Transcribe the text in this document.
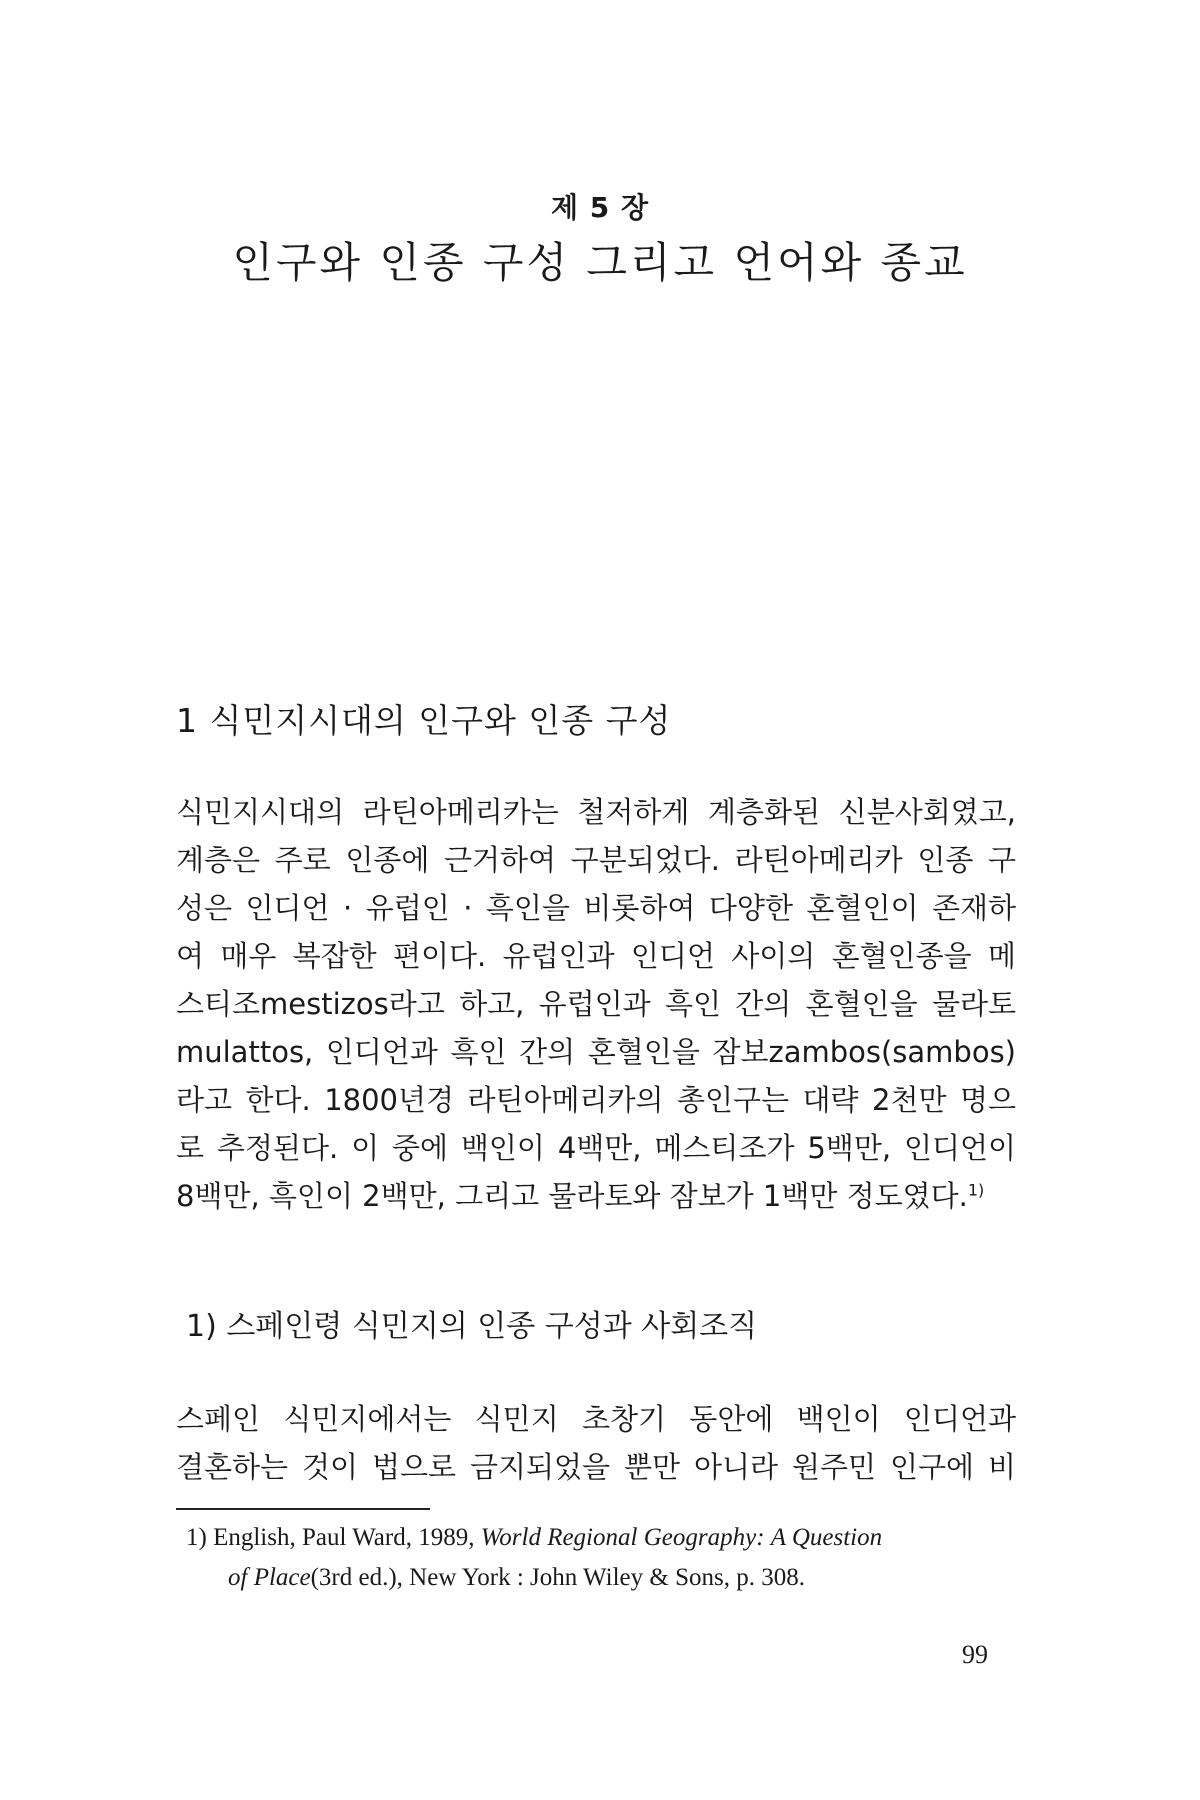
제 5 장
인구와 인종 구성 그리고 언어와 종교
1 식민지시대의 인구와 인종 구성
식민지시대의 라틴아메리카는 철저하게 계층화된 신분사회였고,
계층은 주로 인종에 근거하여 구분되었다. 라틴아메리카 인종 구
성은 인디언 · 유럽인 · 흑인을 비롯하여 다양한 혼혈인이 존재하
여 매우 복잡한 편이다. 유럽인과 인디언 사이의 혼혈인종을 메
스티조mestizos라고 하고, 유럽인과 흑인 간의 혼혈인을 물라토
mulattos, 인디언과 흑인 간의 혼혈인을 잠보zambos(sambos)
라고 한다. 1800년경 라틴아메리카의 총인구는 대략 2천만 명으
로 추정된다. 이 중에 백인이 4백만, 메스티조가 5백만, 인디언이
8백만, 흑인이 2백만, 그리고 물라토와 잠보가 1백만 정도였다.$^{1)}$
1) 스페인령 식민지의 인종 구성과 사회조직
스페인 식민지에서는 식민지 초창기 동안에 백인이 인디언과
결혼하는 것이 법으로 금지되었을 뿐만 아니라 원주민 인구에 비
1) English, Paul Ward, 1989, World Regional Geography: A Question
of Place(3rd ed.), New York : John Wiley & Sons, p. 308.
99
